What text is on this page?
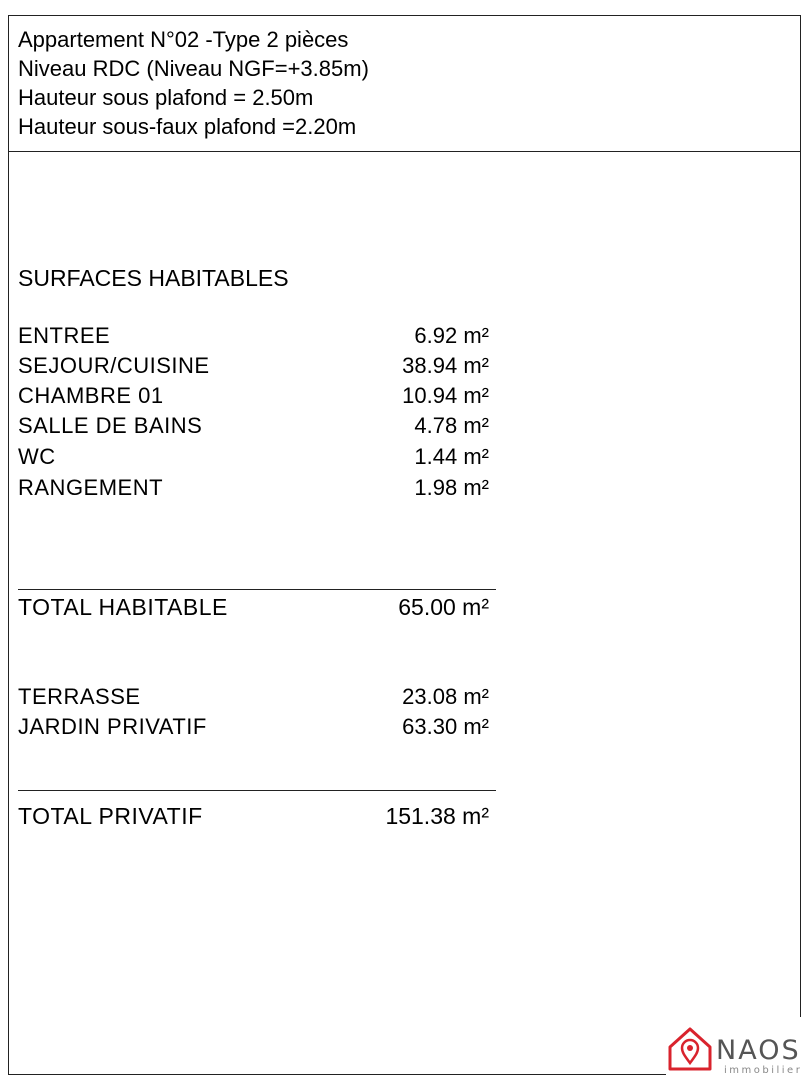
Appartement N°02 -Type 2 pièces
Niveau RDC (Niveau NGF=+3.85m)
Hauteur sous plafond = 2.50m
Hauteur sous-faux plafond =2.20m
SURFACES HABITABLES
ENTREE	6.92 m²
SEJOUR/CUISINE	38.94 m²
CHAMBRE 01	10.94 m²
SALLE DE BAINS	4.78 m²
WC	1.44 m²
RANGEMENT	1.98 m²
TOTAL HABITABLE	65.00 m²
TERRASSE	23.08 m²
JARDIN PRIVATIF	63.30 m²
TOTAL PRIVATIF	151.38 m²
NAOS
immobilier
